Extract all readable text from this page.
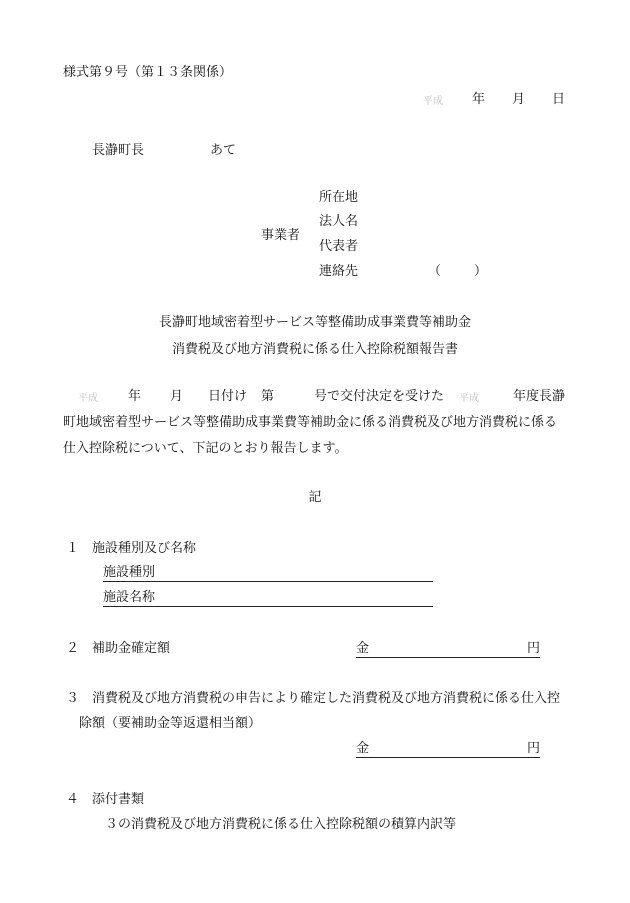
様式第９号（第１３条関係）
平成 年 月 日
長瀞町長	あて
事業者
所在地
法人名
代表者
連絡先	（	）
長瀞町地域密着型サービス等整備助成事業費等補助金
消費税及び地方消費税に係る仕入控除税額報告書
平成 年 月 日付け 第	号で交付決定を受けた 平成	年度長瀞
町地域密着型サービス等整備助成事業費等補助金に係る消費税及び地方消費税に係る
仕入控除税について、下記のとおり報告します。
記
１ 施設種別及び名称
施設種別
施設名称
２ 補助金確定額	金	円
３ 消費税及び地方消費税の申告により確定した消費税及び地方消費税に係る仕入控
除額（要補助金等返還相当額）
金	円
４ 添付書類
３の消費税及び地方消費税に係る仕入控除税額の積算内訳等
